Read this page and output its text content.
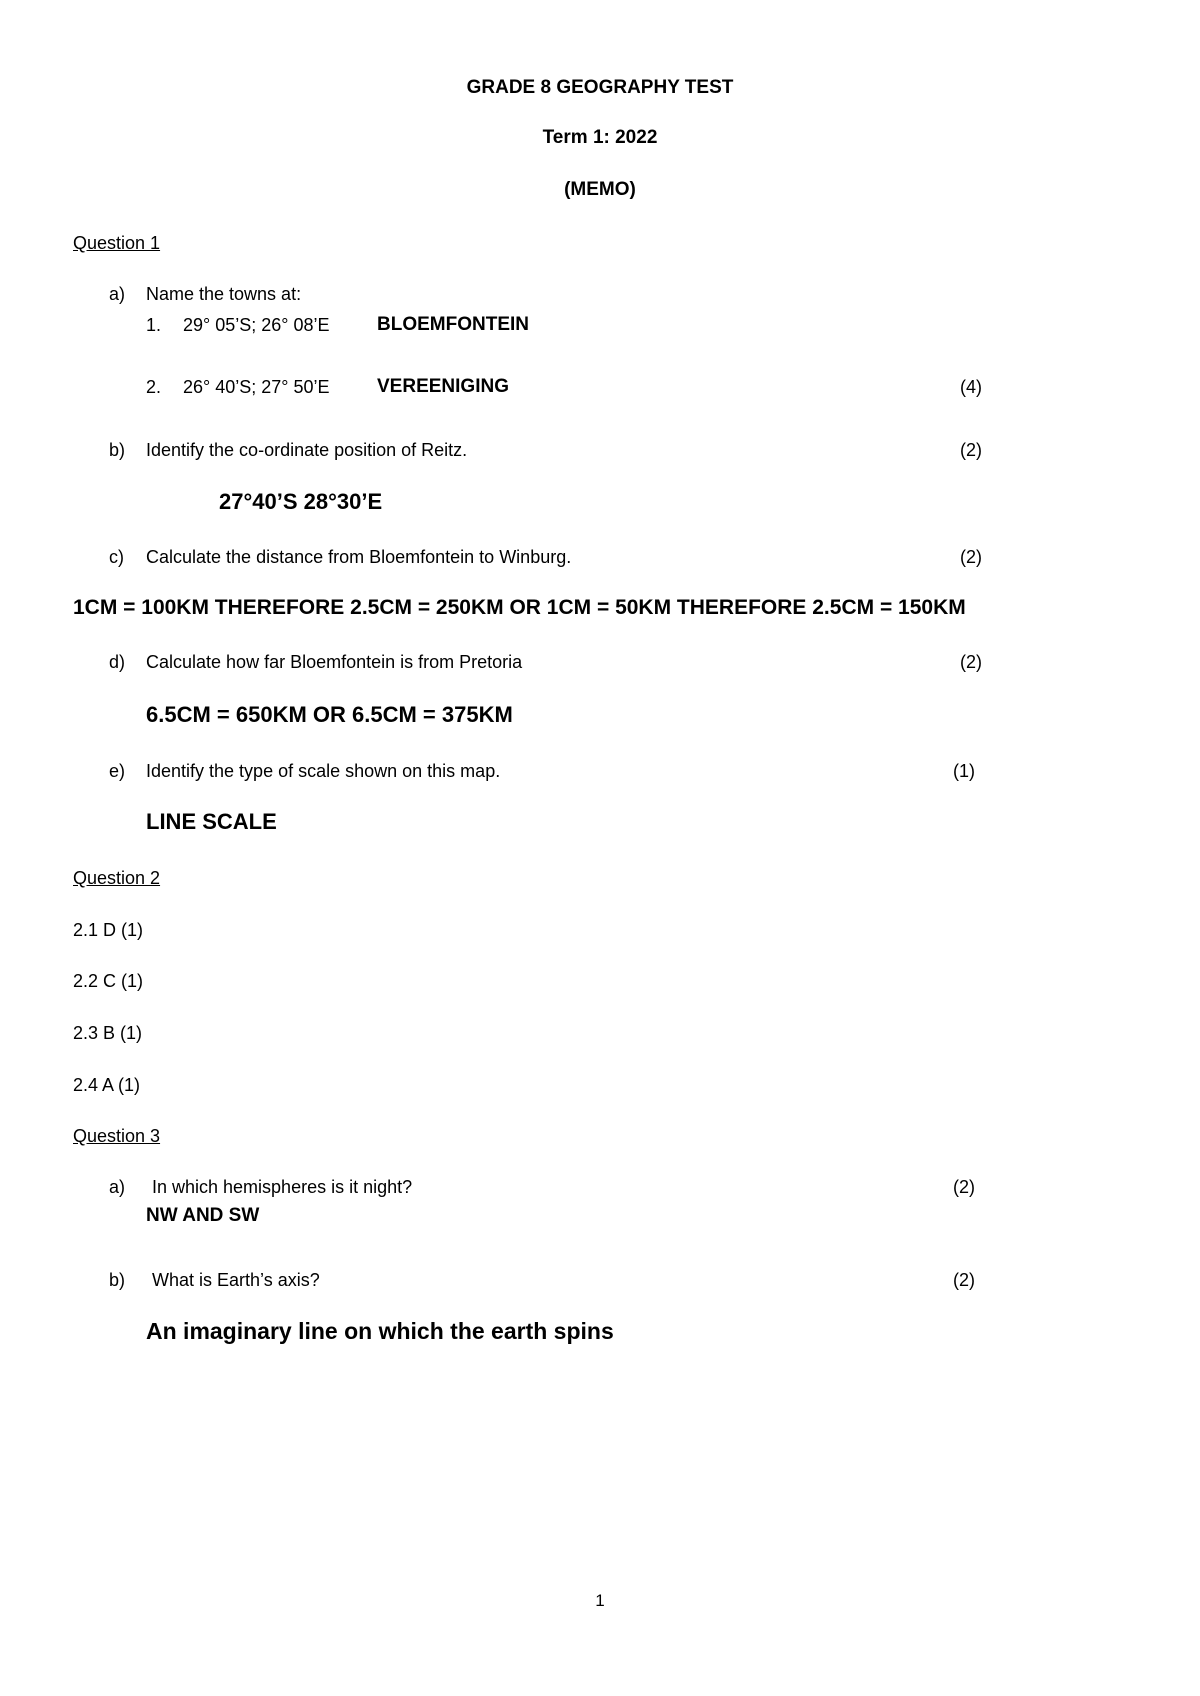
GRADE 8 GEOGRAPHY TEST
Term 1: 2022
(MEMO)
Question 1
a) Name the towns at:
1. 29° 05’S; 26° 08’E	BLOEMFONTEIN
2. 26° 40’S; 27° 50’E	VEREENIGING	(4)
b) Identify the co-ordinate position of Reitz.	(2)
27°40’S 28°30’E
c) Calculate the distance from Bloemfontein to Winburg.	(2)
1CM = 100KM THEREFORE 2.5CM = 250KM OR 1CM = 50KM THEREFORE 2.5CM = 150KM
d) Calculate how far Bloemfontein is from Pretoria	(2)
6.5CM = 650KM OR 6.5CM = 375KM
e) Identify the type of scale shown on this map.	(1)
LINE SCALE
Question 2
2.1 D (1)
2.2 C (1)
2.3 B (1)
2.4 A (1)
Question 3
a) In which hemispheres is it night?	(2)
NW AND SW
b) What is Earth’s axis?	(2)
An imaginary line on which the earth spins
1
